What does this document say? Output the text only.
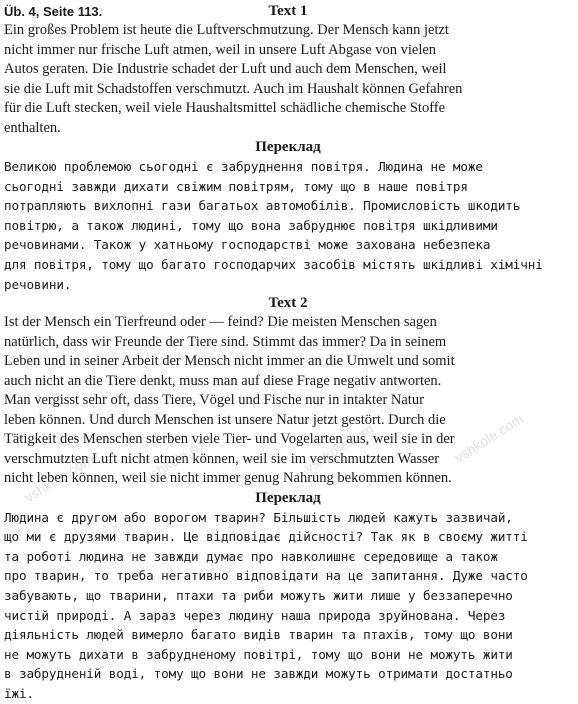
Text 1
Üb. 4, Seite 113.

Ein großes Problem ist heute die Luftverschmutzung. Der Mensch kann jetzt
nicht immer nur frische Luft atmen, weil in unsere Luft Abgase von vielen
Autos geraten. Die Industrie schadet der Luft und auch dem Menschen, weil
sie die Luft mit Schadstoffen verschmutzt. Auch im Haushalt können Gefahren
für die Luft stecken, weil viele Haushaltsmittel schädliche chemische Stoffe
enthalten.

Переклад

Великою проблемою сьогодні є забруднення повітря. Людина не може
сьогодні завжди дихати свіжим повітрям, тому що в наше повітря
потрапляють вихлопні гази багатьох автомобілів. Промисловість шкодить
повітрю, а також людині, тому що вона забруднює повітря шкідливими
речовинами. Також у хатньому господарстві може захована небезпека
для повітря, тому що багато господарчих засобів містять шкідливі хімічні
речовини.

Text 2

Ist der Mensch ein Tierfreund oder — feind? Die meisten Menschen sagen
natürlich, dass wir Freunde der Tiere sind. Stimmt das immer? Da in seinem
Leben und in seiner Arbeit der Mensch nicht immer an die Umwelt und somit
auch nicht an die Tiere denkt, muss man auf diese Frage negativ antworten.
Man vergisst sehr oft, dass Tiere, Vögel und Fische nur in intakter Natur
leben können. Und durch Menschen ist unsere Natur jetzt gestört. Durch die
Tätigkeit des Menschen sterben viele Tier- und Vogelarten aus, weil sie in der
verschmutzten Luft nicht atmen können, weil sie im verschmutzten Wasser
nicht leben können, weil sie nicht immer genug Nahrung bekommen können.

Переклад

Людина є другом або ворогом тварин? Більшість людей кажуть зазвичай,
що ми є друзями тварин. Це відповідає дійсності? Так як в своєму житті
та роботі людина не завжди думає про навколишнє середовище а також
про тварин, то треба негативно відповідати на це запитання. Дуже часто
забувають, що тварини, птахи та риби можуть жити лише у беззаперечно
чистій природі. А зараз через людину наша природа зруйнована. Через
діяльність людей вимерло багато видів тварин та птахів, тому що вони
не можуть дихати в забрудненому повітрі, тому що вони не можуть жити
в забрудненій воді, тому що вони не завжди можуть отримати достатньо
їжі.

vshkole.com	vshkole.com	vshkole.com	vshkole.com
